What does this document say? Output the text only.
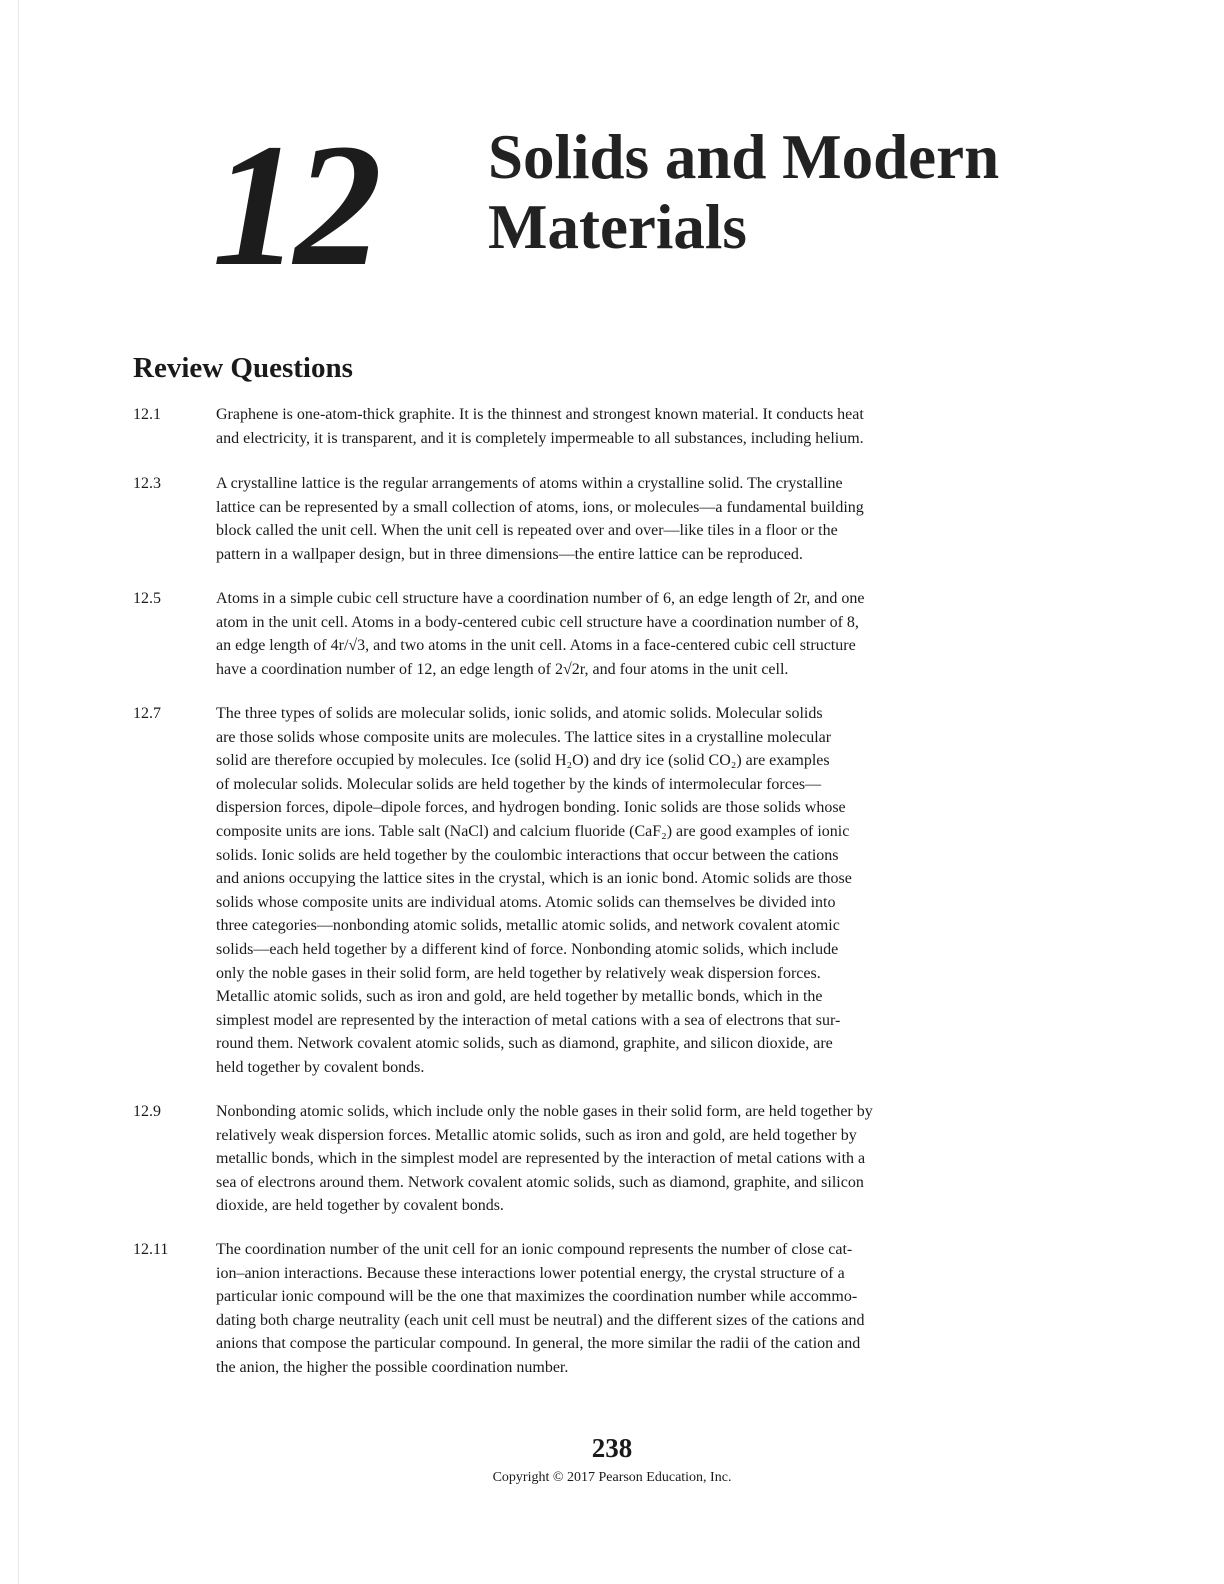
12 Solids and Modern
Materials
Review Questions
12.1	Graphene is one-atom-thick graphite. It is the thinnest and strongest known material. It conducts heat
and electricity, it is transparent, and it is completely impermeable to all substances, including helium.
12.3	A crystalline lattice is the regular arrangements of atoms within a crystalline solid. The crystalline
lattice can be represented by a small collection of atoms, ions, or molecules—a fundamental building
block called the unit cell. When the unit cell is repeated over and over—like tiles in a floor or the
pattern in a wallpaper design, but in three dimensions—the entire lattice can be reproduced.
12.5	Atoms in a simple cubic cell structure have a coordination number of 6, an edge length of 2r, and one
atom in the unit cell. Atoms in a body-centered cubic cell structure have a coordination number of 8,
an edge length of 4r/√3, and two atoms in the unit cell. Atoms in a face-centered cubic cell structure
have a coordination number of 12, an edge length of 2√2r, and four atoms in the unit cell.
12.7	The three types of solids are molecular solids, ionic solids, and atomic solids. Molecular solids
are those solids whose composite units are molecules. The lattice sites in a crystalline molecular
solid are therefore occupied by molecules. Ice (solid H₂O) and dry ice (solid CO₂) are examples
of molecular solids. Molecular solids are held together by the kinds of intermolecular forces—
dispersion forces, dipole–dipole forces, and hydrogen bonding. Ionic solids are those solids whose
composite units are ions. Table salt (NaCl) and calcium fluoride (CaF₂) are good examples of ionic
solids. Ionic solids are held together by the coulombic interactions that occur between the cations
and anions occupying the lattice sites in the crystal, which is an ionic bond. Atomic solids are those
solids whose composite units are individual atoms. Atomic solids can themselves be divided into
three categories—nonbonding atomic solids, metallic atomic solids, and network covalent atomic
solids—each held together by a different kind of force. Nonbonding atomic solids, which include
only the noble gases in their solid form, are held together by relatively weak dispersion forces.
Metallic atomic solids, such as iron and gold, are held together by metallic bonds, which in the
simplest model are represented by the interaction of metal cations with a sea of electrons that sur-
round them. Network covalent atomic solids, such as diamond, graphite, and silicon dioxide, are
held together by covalent bonds.
12.9	Nonbonding atomic solids, which include only the noble gases in their solid form, are held together by
relatively weak dispersion forces. Metallic atomic solids, such as iron and gold, are held together by
metallic bonds, which in the simplest model are represented by the interaction of metal cations with a
sea of electrons around them. Network covalent atomic solids, such as diamond, graphite, and silicon
dioxide, are held together by covalent bonds.
12.11	The coordination number of the unit cell for an ionic compound represents the number of close cat-
ion–anion interactions. Because these interactions lower potential energy, the crystal structure of a
particular ionic compound will be the one that maximizes the coordination number while accommo-
dating both charge neutrality (each unit cell must be neutral) and the different sizes of the cations and
anions that compose the particular compound. In general, the more similar the radii of the cation and
the anion, the higher the possible coordination number.
238
Copyright © 2017 Pearson Education, Inc.
